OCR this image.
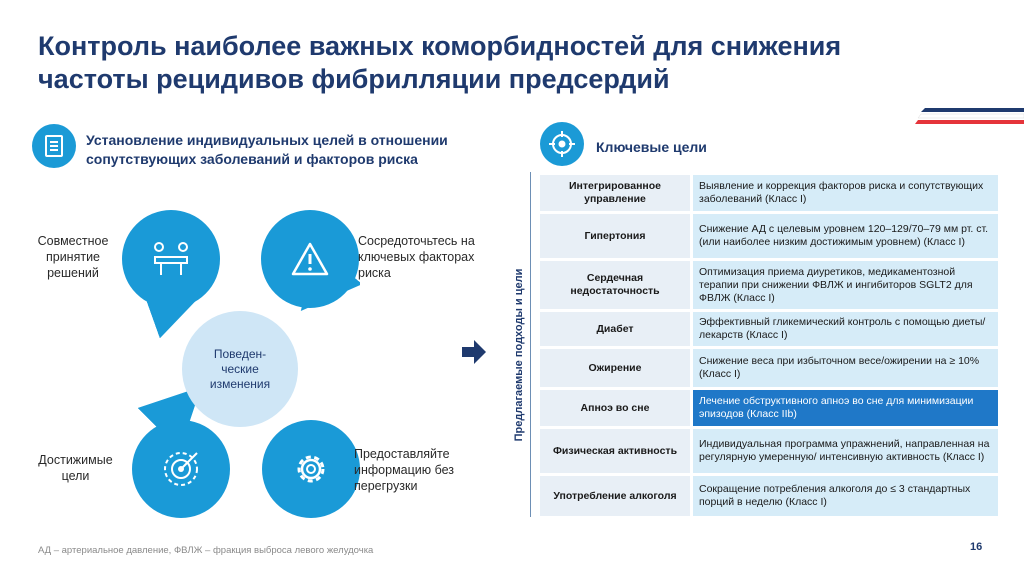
Контроль наиболее важных коморбидностей для снижения частоты рецидивов фибрилляции предсердий
Установление индивидуальных целей в отношении сопутствующих заболеваний и факторов риска
Поведен-ческие изменения
Совместное принятие решений
Сосредоточьтесь на ключевых факторах риска
Достижимые цели
Предоставляйте информацию без перегрузки
Ключевые цели
Предлагаемые подходы и цели
Интегрированное управление	Выявление и коррекция факторов риска и сопутствующих заболеваний (Класс I)
Гипертония	Снижение АД с целевым уровнем 120–129/70–79 мм рт. ст. (или наиболее низким достижимым уровнем) (Класс I)
Сердечная недостаточность	Оптимизация приема диуретиков, медикаментозной терапии при снижении ФВЛЖ и ингибиторов SGLT2 для ФВЛЖ (Класс I)
Диабет	Эффективный гликемический контроль с помощью диеты/лекарств (Класс I)
Ожирение	Снижение веса при избыточном весе/ожирении на ≥ 10% (Класс I)
Апноэ во сне	Лечение обструктивного апноэ во сне для минимизации эпизодов (Класс IIb)
Физическая активность	Индивидуальная программа упражнений, направленная на регулярную умеренную/ интенсивную активность (Класс I)
Употребление алкоголя	Сокращение потребления алкоголя до ≤ 3 стандартных порций в неделю (Класс I)
АД – артериальное давление, ФВЛЖ – фракция выброса левого желудочка	16
